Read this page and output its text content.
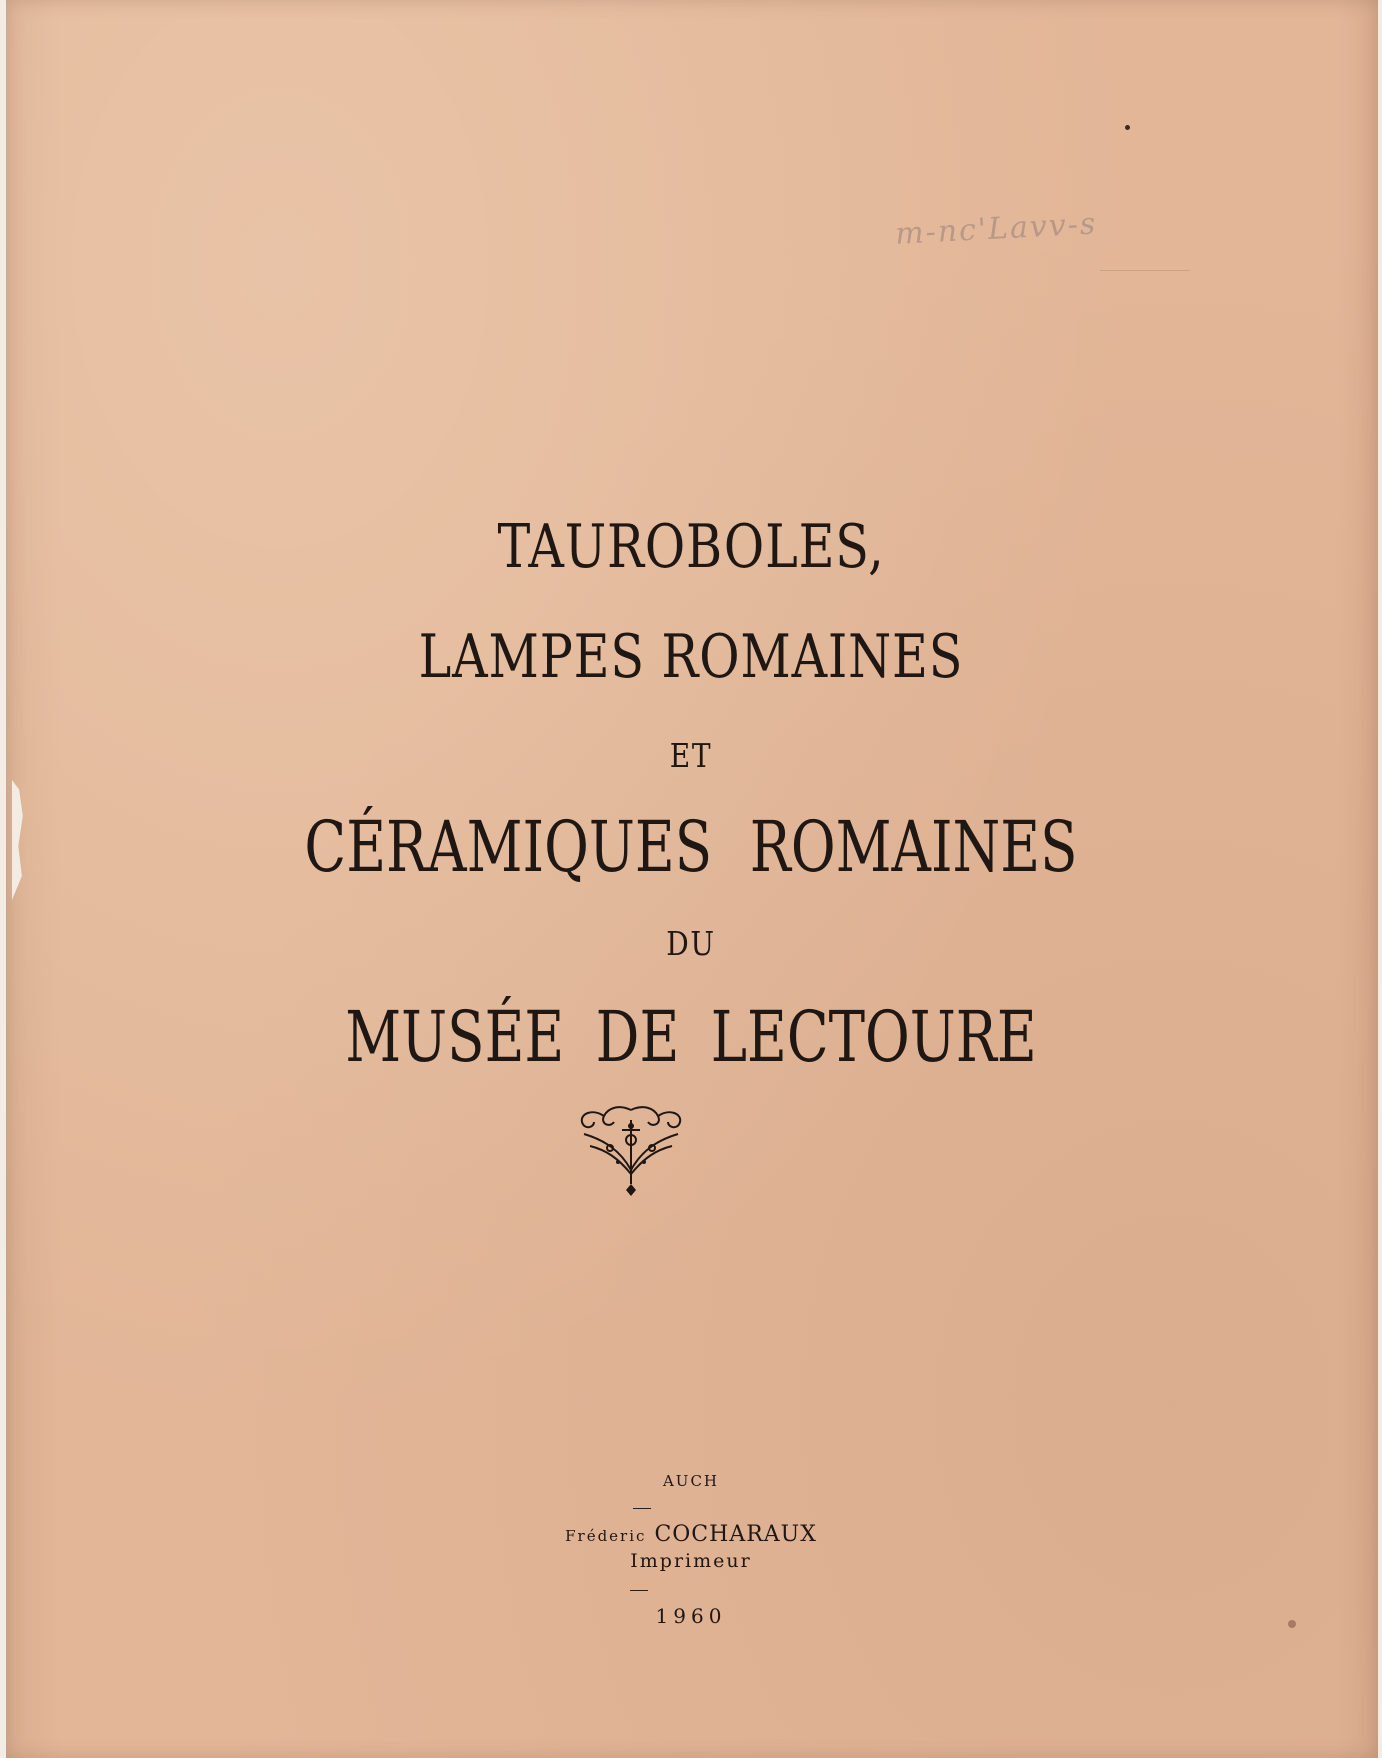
m-nc'Lavv-s
TAUROBOLES,
LAMPES ROMAINES
ET
CÉRAMIQUES ROMAINES
DU
MUSÉE DE LECTOURE
AUCH
Fréderic COCHARAUX
Imprimeur
1960
